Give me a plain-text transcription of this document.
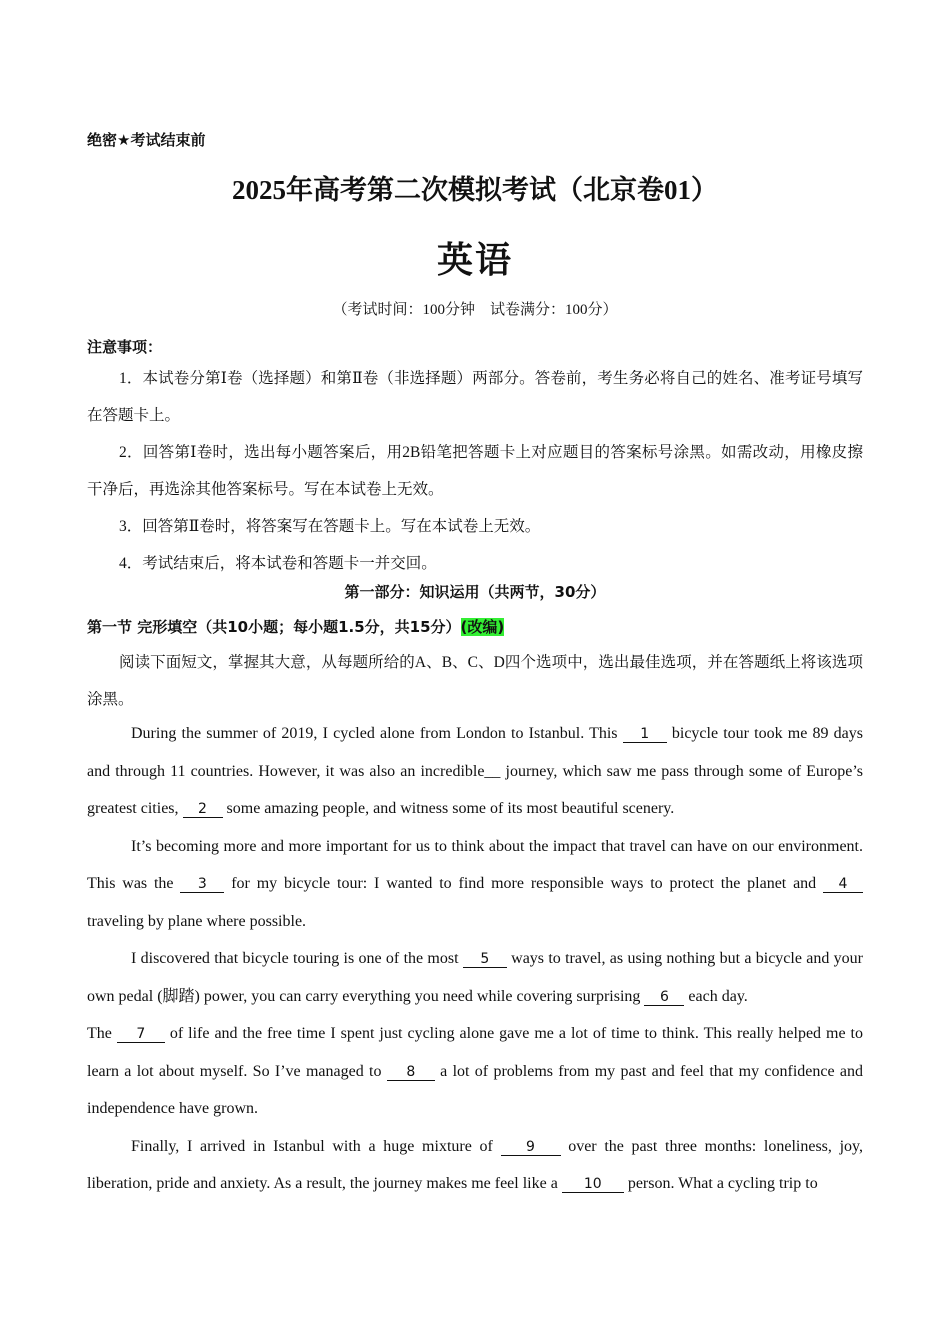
绝密★考试结束前
2025年高考第二次模拟考试（北京卷01）
英语
（考试时间：100分钟　试卷满分：100分）
注意事项：
1．本试卷分第Ⅰ卷（选择题）和第Ⅱ卷（非选择题）两部分。答卷前，考生务必将自己的姓名、准考证号填写在答题卡上。
2．回答第Ⅰ卷时，选出每小题答案后，用2B铅笔把答题卡上对应题目的答案标号涂黑。如需改动，用橡皮擦干净后，再选涂其他答案标号。写在本试卷上无效。
3．回答第Ⅱ卷时，将答案写在答题卡上。写在本试卷上无效。
4．考试结束后，将本试卷和答题卡一并交回。
第一部分：知识运用（共两节，30分）
第一节 完形填空（共10小题；每小题1.5分，共15分）(改编)
阅读下面短文，掌握其大意，从每题所给的A、B、C、D四个选项中，选出最佳选项，并在答题纸上将该选项涂黑。
During the summer of 2019, I cycled alone from London to Istanbul. This 1 bicycle tour took me 89 days and through 11 countries. However, it was also an incredible__ journey, which saw me pass through some of Europe’s greatest cities, 2 some amazing people, and witness some of its most beautiful scenery.
It’s becoming more and more important for us to think about the impact that travel can have on our environment. This was the 3 for my bicycle tour: I wanted to find more responsible ways to protect the planet and 4 traveling by plane where possible.
I discovered that bicycle touring is one of the most 5 ways to travel, as using nothing but a bicycle and your own pedal (脚踏) power, you can carry everything you need while covering surprising 6 each day.
The 7 of life and the free time I spent just cycling alone gave me a lot of time to think. This really helped me to learn a lot about myself. So I’ve managed to 8 a lot of problems from my past and feel that my confidence and independence have grown.
Finally, I arrived in Istanbul with a huge mixture of 9 over the past three months: loneliness, joy, liberation, pride and anxiety. As a result, the journey makes me feel like a 10 person. What a cycling trip to
